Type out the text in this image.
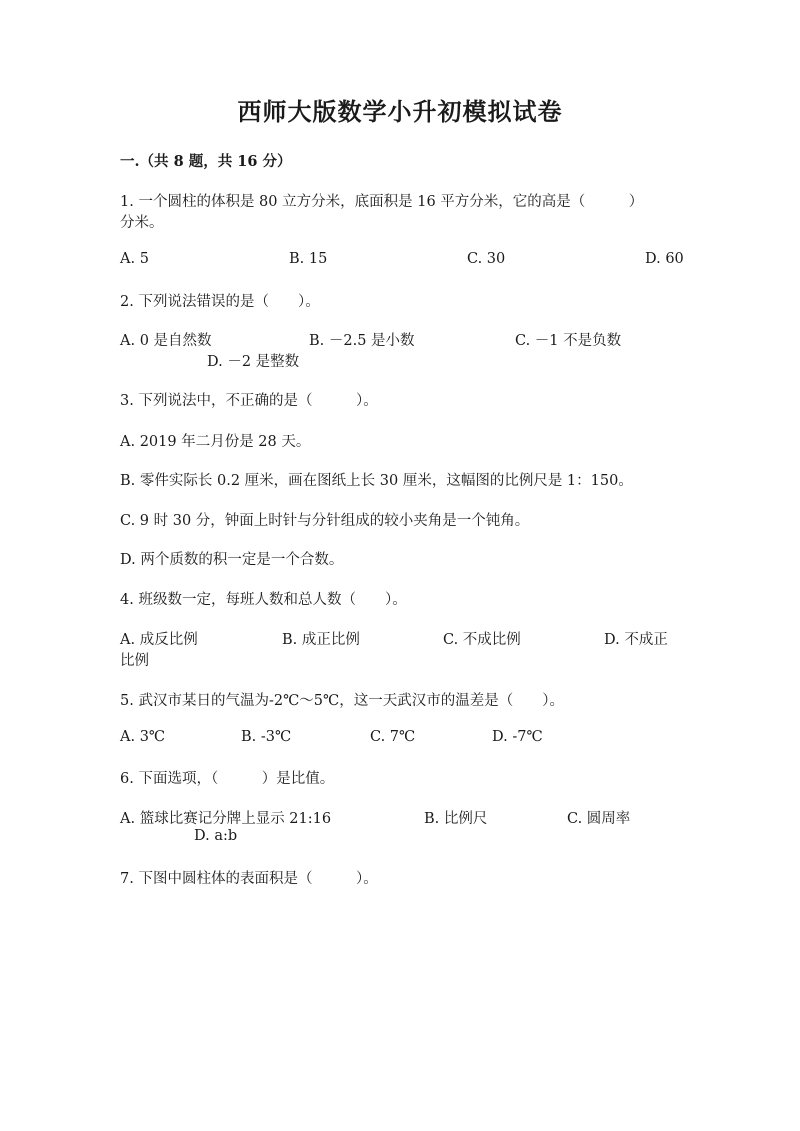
西师大版数学小升初模拟试卷
一.（共 8 题，共 16 分）
1. 一个圆柱的体积是 80 立方分米，底面积是 16 平方分米，它的高是（　　　）
分米。
A. 5	B. 15	C. 30	D. 60
2. 下列说法错误的是（　　）。
A. 0 是自然数	B. －2.5 是小数	C. －1 不是负数
D. －2 是整数
3. 下列说法中，不正确的是（　　　）。
A. 2019 年二月份是 28 天。
B. 零件实际长 0.2 厘米，画在图纸上长 30 厘米，这幅图的比例尺是 1：150。
C. 9 时 30 分，钟面上时针与分针组成的较小夹角是一个钝角。
D. 两个质数的积一定是一个合数。
4. 班级数一定，每班人数和总人数（　　）。
A. 成反比例	B. 成正比例	C. 不成比例	D. 不成正
比例
5. 武汉市某日的气温为-2℃～5℃，这一天武汉市的温差是（　　）。
A. 3℃	B. -3℃	C. 7℃	D. -7℃
6. 下面选项，（　　　）是比值。
A. 篮球比赛记分牌上显示 21:16	B. 比例尺	C. 圆周率
D. a:b
7. 下图中圆柱体的表面积是（　　　）。
